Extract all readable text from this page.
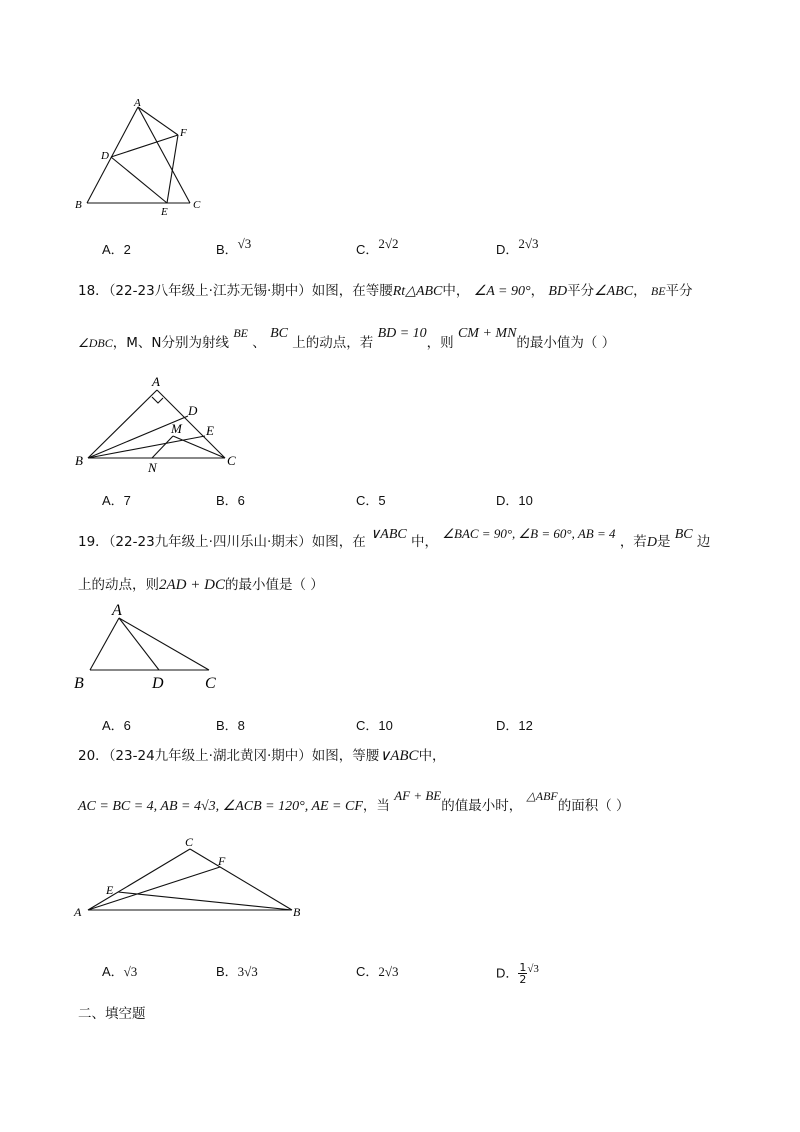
A
B	C
D
E
F
A．2	B．√3	C．2√2	D．2√3
18．（22-23八年级上·江苏无锡·期中）如图，在等腰Rt△ABC中， ∠A = 90°， BD平分∠ABC， BE平分
∠DBC，M、N分别为射线 BE 、 BC 上的动点，若 BD = 10，则 CM + MN的最小值为（ ）
A
B	C
D
E
M
N
A．7	B．6	C．5	D．10
19．（22-23九年级上·四川乐山·期末）如图，在 ∨ABC 中， ∠BAC = 90°, ∠B = 60°, AB = 4 ，若D是 BC 边
上的动点，则2AD + DC的最小值是（ ）
A
B	C
D
A．6	B．8	C．10	D．12
20．（23-24九年级上·湖北黄冈·期中）如图，等腰∨ABC中，
AC = BC = 4, AB = 4√3, ∠ACB = 120°, AE = CF，当 AF + BE的值最小时， △ABF的面积（ ）
C
F
E
A	B
A．√3	B．3√3	C．2√3	D． $\frac{1}{2} ^{√3}$
二、填空题
